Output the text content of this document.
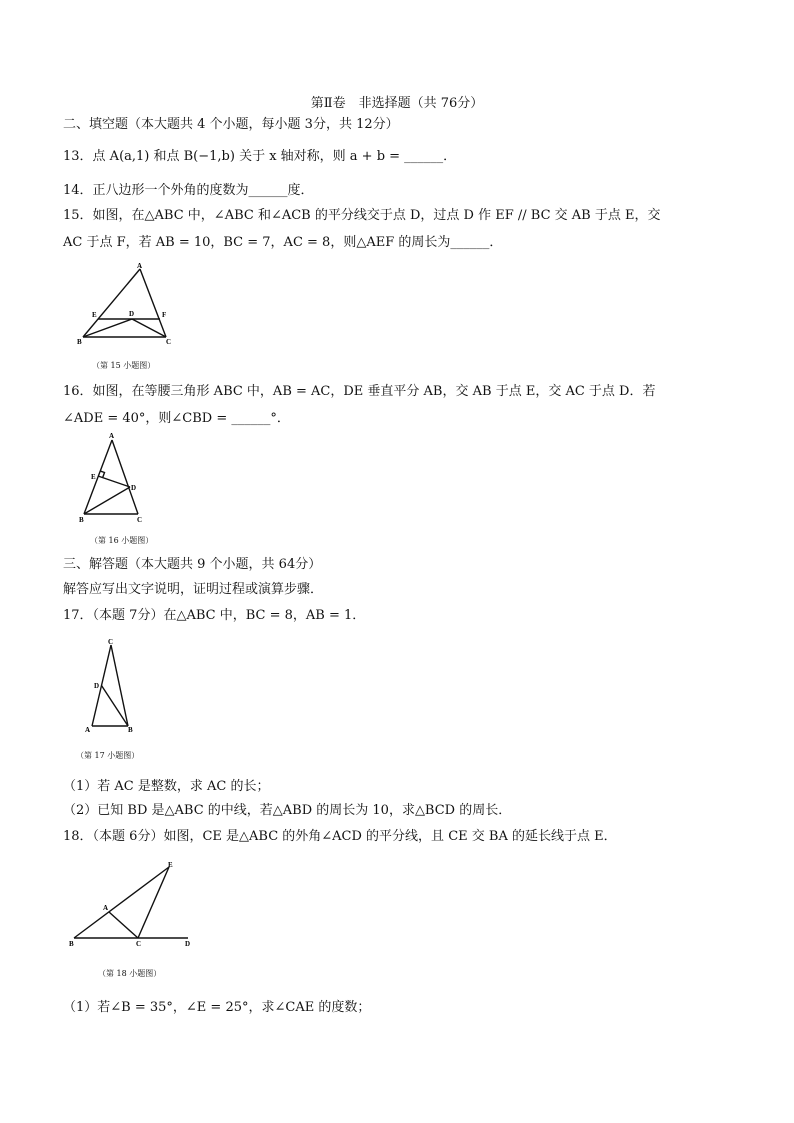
第Ⅱ卷　非选择题（共 76分）
二、填空题（本大题共 4 个小题，每小题 3分，共 12分）
13．点 A(a,1) 和点 B(−1,b) 关于 x 轴对称，则 a + b = ______．
14．正八边形一个外角的度数为______度．
15．如图，在△ABC 中，∠ABC 和∠ACB 的平分线交于点 D，过点 D 作 EF // BC 交 AB 于点 E，交
AC 于点 F，若 AB = 10，BC = 7，AC = 8，则△AEF 的周长为______．
A
B	C
D
E	F
（第 15 小题图）
16．如图，在等腰三角形 ABC 中，AB = AC，DE 垂直平分 AB，交 AB 于点 E，交 AC 于点 D．若
∠ADE = 40°，则∠CBD = ______°．
A
B	C
D
E
（第 16 小题图）
三、解答题（本大题共 9 个小题，共 64分）
解答应写出文字说明，证明过程或演算步骤．
17．（本题 7分）在△ABC 中，BC = 8，AB = 1．
C
A	B
D
（第 17 小题图）
（1）若 AC 是整数，求 AC 的长；
（2）已知 BD 是△ABC 的中线，若△ABD 的周长为 10，求△BCD 的周长．
18．（本题 6分）如图，CE 是△ABC 的外角∠ACD 的平分线，且 CE 交 BA 的延长线于点 E．
E
A
B	C	D
（第 18 小题图）
（1）若∠B = 35°，∠E = 25°，求∠CAE 的度数；
